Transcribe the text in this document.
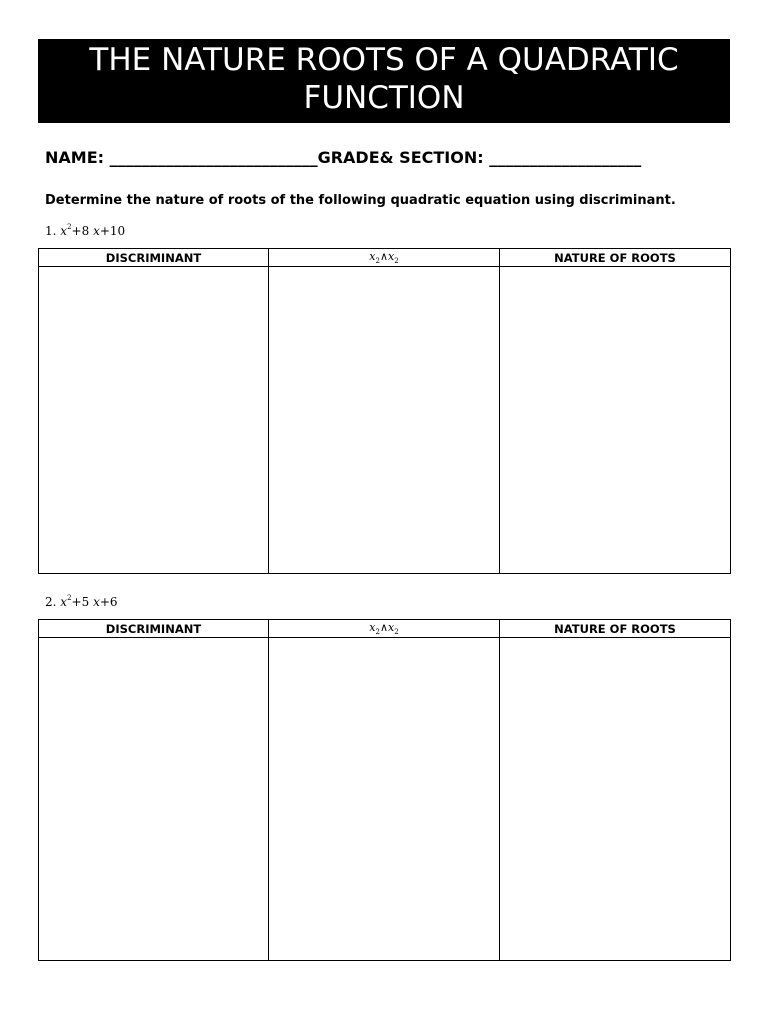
THE NATURE ROOTS OF A QUADRATIC FUNCTION
NAME: __________________________GRADE& SECTION: ___________________
Determine the nature of roots of the following quadratic equation using discriminant.
1. $x^2+8$ x+10
DISCRIMINANT	$x_2\wedge x_2$	NATURE OF ROOTS

2. $x^2+5$ x+6
DISCRIMINANT	$x_2\wedge x_2$	NATURE OF ROOTS
